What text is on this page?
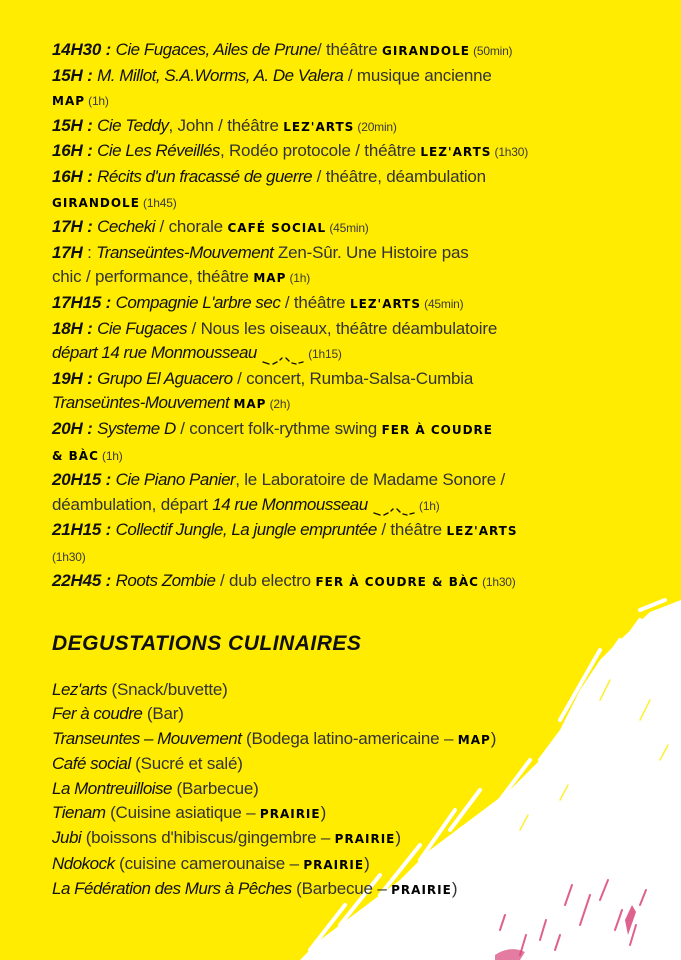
14H30 : Cie Fugaces, Ailes de Prune/ théâtre GIRANDOLE (50min)
15H : M. Millot, S.A.Worms, A. De Valera / musique ancienne
MAP (1h)
15H : Cie Teddy, John / théâtre LEZ'ARTS (20min)
16H : Cie Les Réveillés, Rodéo protocole / théâtre LEZ'ARTS (1h30)
16H : Récits d'un fracassé de guerre / théâtre, déambulation
GIRANDOLE (1h45)
17H : Cecheki / chorale CAFÉ SOCIAL (45min)
17H : Transeüntes-Mouvement Zen-Sûr. Une Histoire pas
chic / performance, théâtre MAP (1h)
17H15 : Compagnie L'arbre sec / théâtre LEZ'ARTS (45min)
18H : Cie Fugaces / Nous les oiseaux, théâtre déambulatoire
départ 14 rue Monmousseau	(1h15)
19H : Grupo El Aguacero / concert, Rumba-Salsa-Cumbia
Transeüntes-Mouvement MAP (2h)
20H : Systeme D / concert folk-rythme swing FER À COUDRE
& BÀC (1h)
20H15 : Cie Piano Panier, le Laboratoire de Madame Sonore /
déambulation, départ 14 rue Monmousseau	(1h)
21H15 : Collectif Jungle, La jungle empruntée / théâtre LEZ'ARTS
(1h30)
22H45 : Roots Zombie / dub electro FER À COUDRE & BÀC (1h30)
DEGUSTATIONS CULINAIRES
Lez'arts (Snack/buvette)
Fer à coudre (Bar)
Transeuntes – Mouvement (Bodega latino-americaine – MAP)
Café social (Sucré et salé)
La Montreuilloise (Barbecue)
Tienam (Cuisine asiatique – PRAIRIE)
Jubi (boissons d'hibiscus/gingembre – PRAIRIE)
Ndokock (cuisine camerounaise – PRAIRIE)
La Fédération des Murs à Pêches (Barbecue – PRAIRIE)
